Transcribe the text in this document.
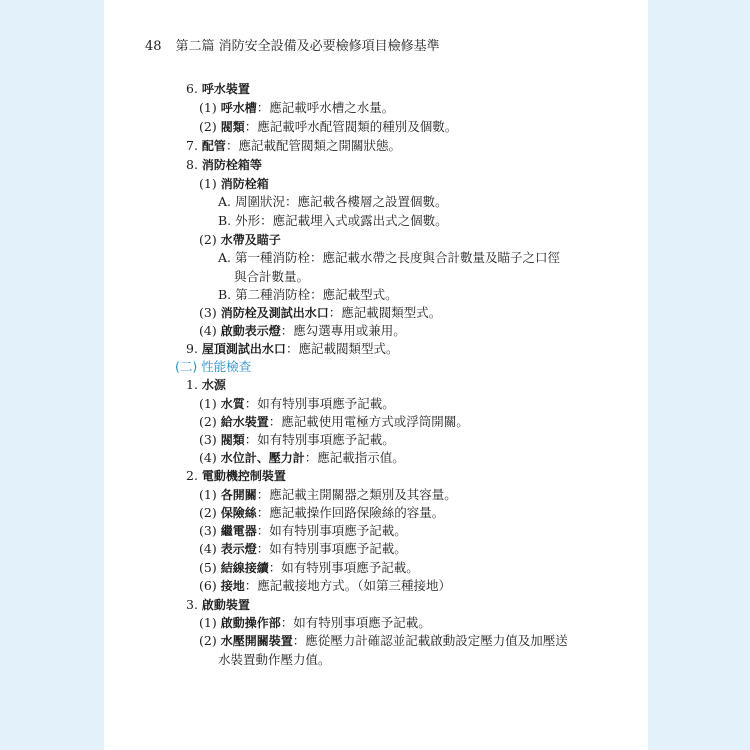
48 第二篇 消防安全設備及必要檢修項目檢修基準
6. 呼水裝置
(1) 呼水槽：應記載呼水槽之水量。
(2) 閥類：應記載呼水配管閥類的種別及個數。
7. 配管：應記載配管閥類之開關狀態。
8. 消防栓箱等
(1) 消防栓箱
A. 周圍狀況：應記載各樓層之設置個數。
B. 外形：應記載埋入式或露出式之個數。
(2) 水帶及瞄子
A. 第一種消防栓：應記載水帶之長度與合計數量及瞄子之口徑
與合計數量。
B. 第二種消防栓：應記載型式。
(3) 消防栓及測試出水口：應記載閥類型式。
(4) 啟動表示燈：應勾選專用或兼用。
9. 屋頂測試出水口：應記載閥類型式。
(二) 性能檢查
1. 水源
(1) 水質：如有特別事項應予記載。
(2) 給水裝置：應記載使用電極方式或浮筒開關。
(3) 閥類：如有特別事項應予記載。
(4) 水位計、壓力計：應記載指示值。
2. 電動機控制裝置
(1) 各開關：應記載主開關器之類別及其容量。
(2) 保險絲：應記載操作回路保險絲的容量。
(3) 繼電器：如有特別事項應予記載。
(4) 表示燈：如有特別事項應予記載。
(5) 結線接續：如有特別事項應予記載。
(6) 接地：應記載接地方式。（如第三種接地）
3. 啟動裝置
(1) 啟動操作部：如有特別事項應予記載。
(2) 水壓開關裝置：應從壓力計確認並記載啟動設定壓力值及加壓送
水裝置動作壓力值。
